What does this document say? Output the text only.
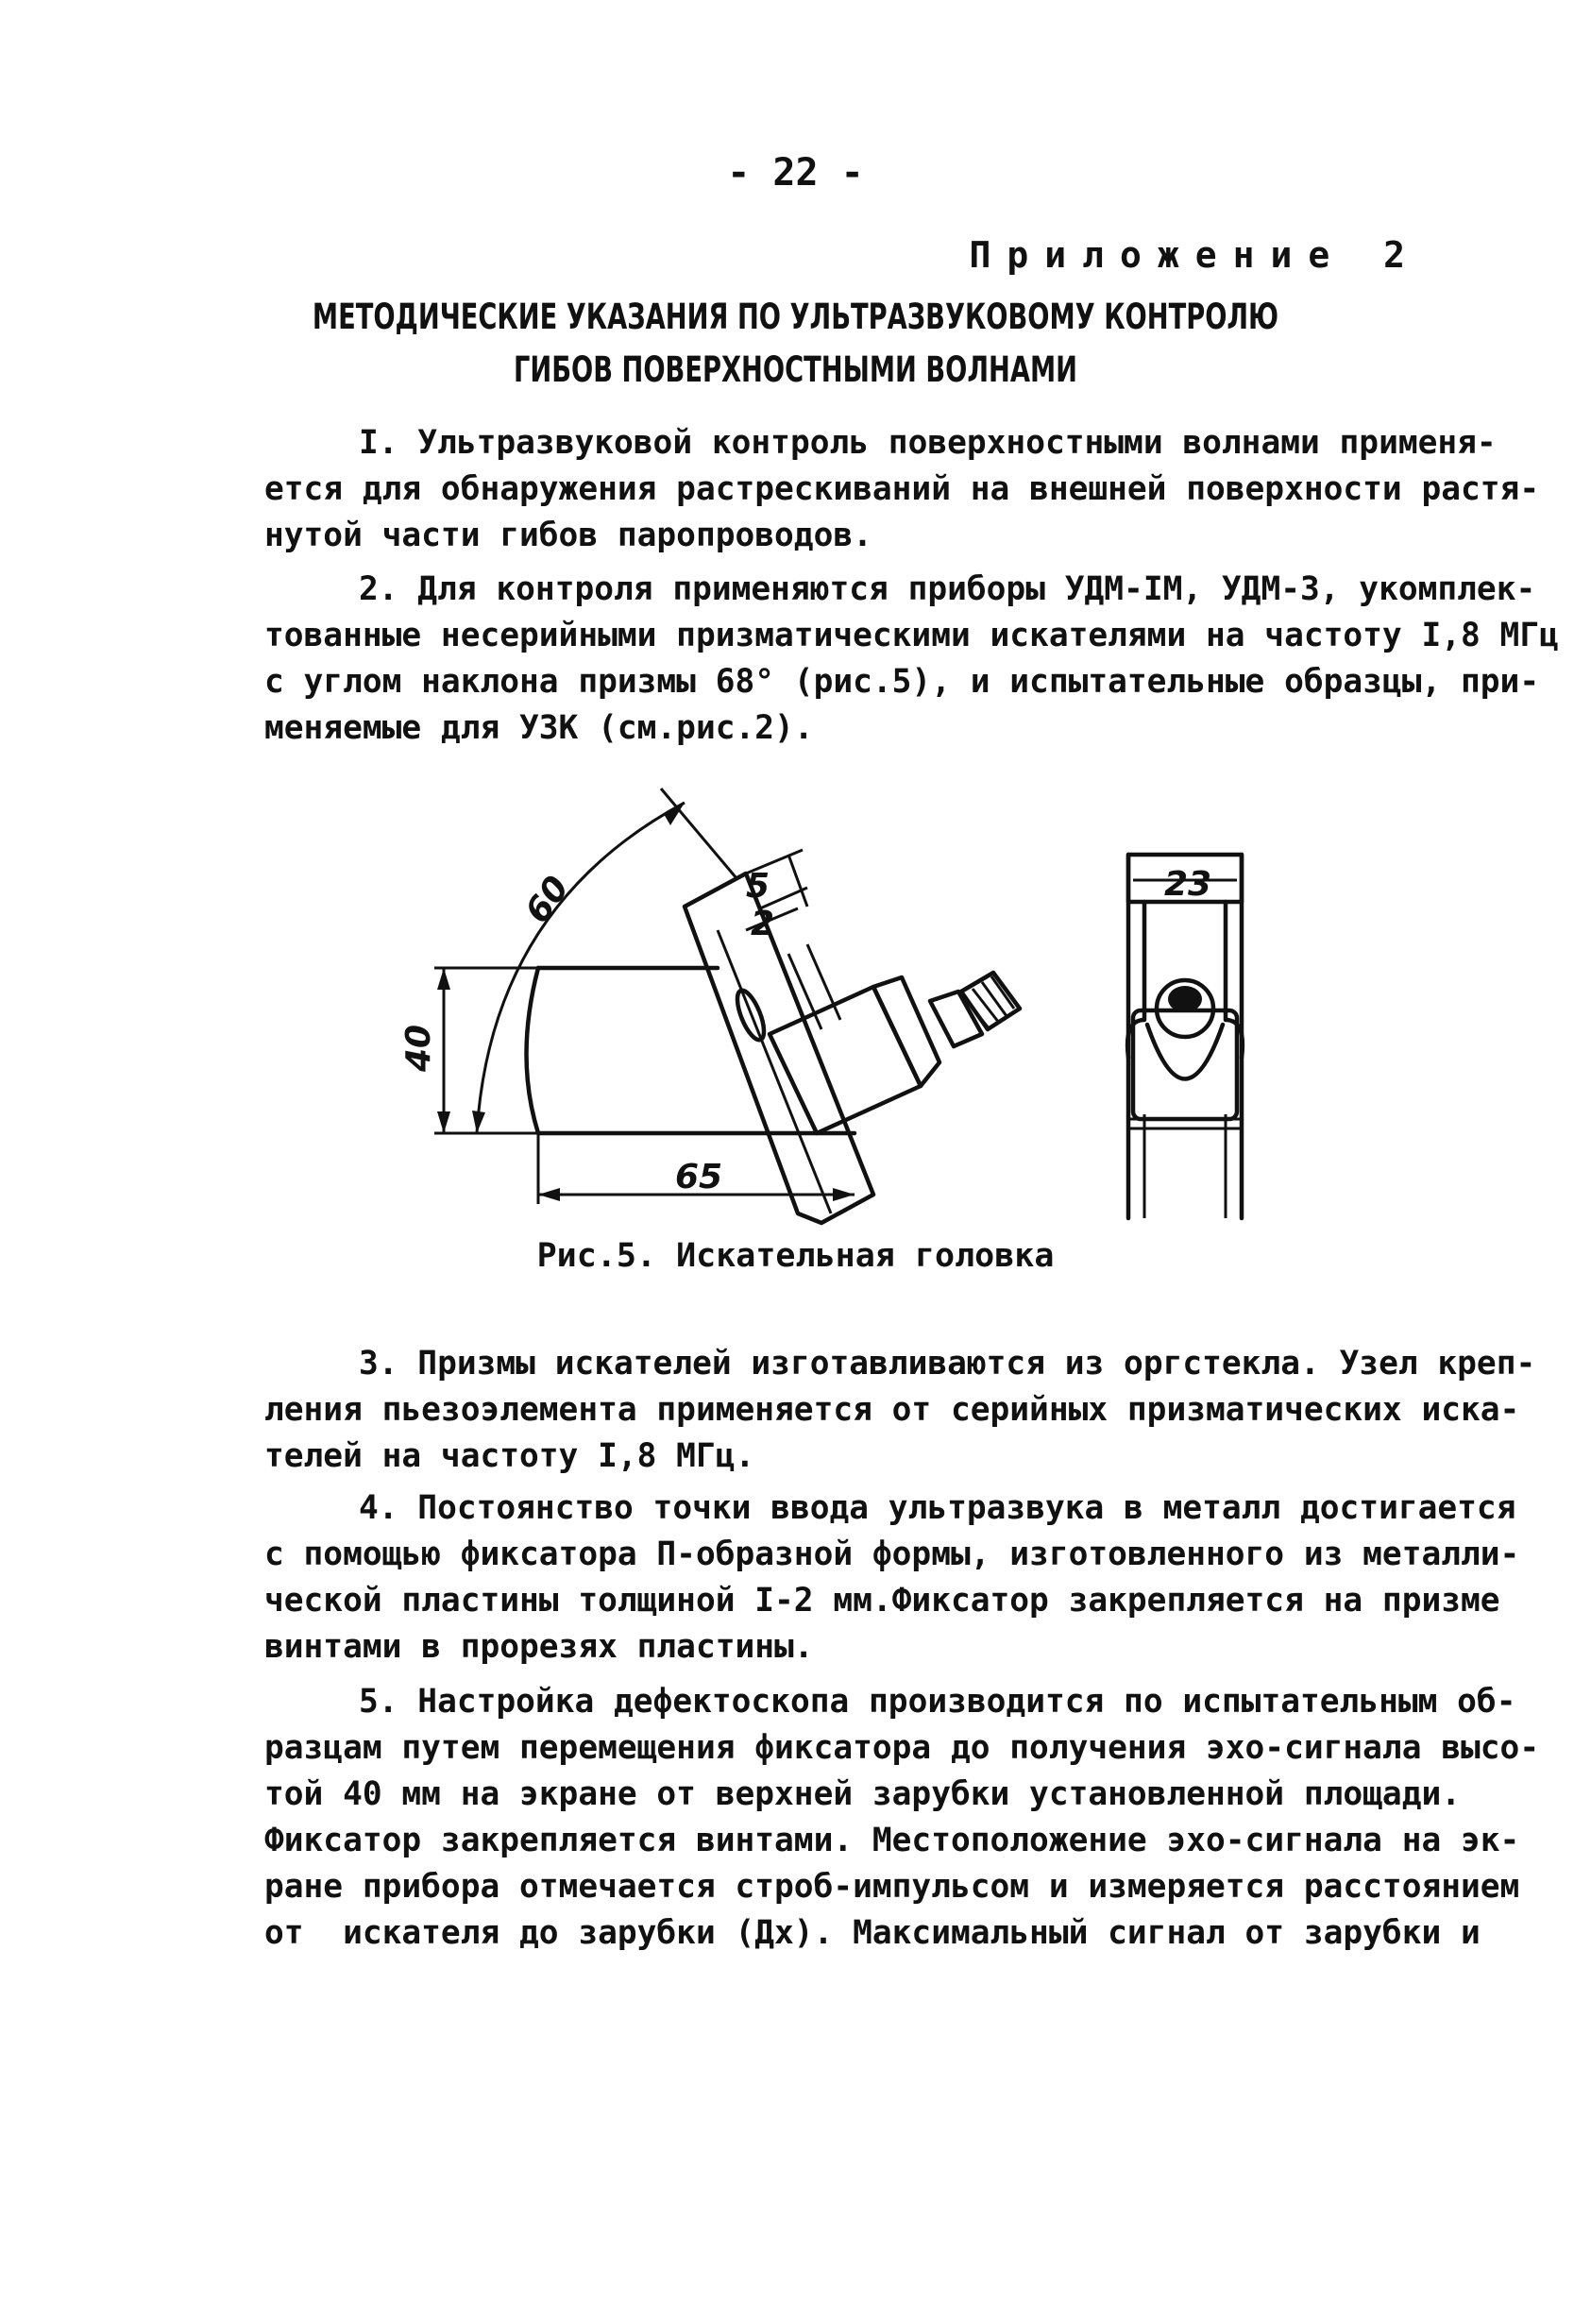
- 22 -
Приложение 2
МЕТОДИЧЕСКИЕ УКАЗАНИЯ ПО УЛЬТРАЗВУКОВОМУ КОНТРОЛЮ
ГИБОВ ПОВЕРХНОСТНЫМИ ВОЛНАМИ
I. Ультразвуковой контроль поверхностными волнами применя-
ется для обнаружения растрескиваний на внешней поверхности растя-
нутой части гибов паропроводов.
2. Для контроля применяются приборы УДМ-IМ, УДМ-3, укомплек-
тованные несерийными призматическими искателями на частоту I,8 МГц
с углом наклона призмы 68° (рис.5), и испытательные образцы, при-
меняемые для УЗК (см.рис.2).
60	5
2
40
65
23
Рис.5. Искательная головка
3. Призмы искателей изготавливаются из оргстекла. Узел креп-
ления пьезоэлемента применяется от серийных призматических иска-
телей на частоту I,8 МГц.
4. Постоянство точки ввода ультразвука в металл достигается
с помощью фиксатора П-образной формы, изготовленного из металли-
ческой пластины толщиной I-2 мм.Фиксатор закрепляется на призме
винтами в прорезях пластины.
5. Настройка дефектоскопа производится по испытательным об-
разцам путем перемещения фиксатора до получения эхо-сигнала высо-
той 40 мм на экране от верхней зарубки установленной площади.
Фиксатор закрепляется винтами. Местоположение эхо-сигнала на эк-
ране прибора отмечается строб-импульсом и измеряется расстоянием
от  искателя до зарубки (Дх). Максимальный сигнал от зарубки и
